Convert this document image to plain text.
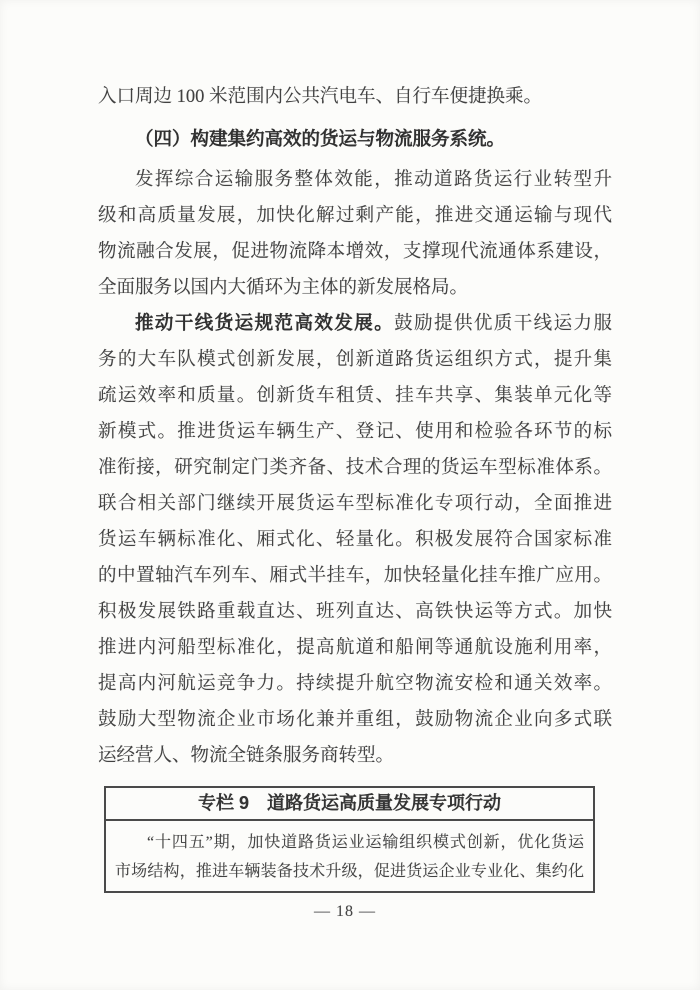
入口周边 100 米范围内公共汽电车、自行车便捷换乘。
（四）构建集约高效的货运与物流服务系统。
发挥综合运输服务整体效能，推动道路货运行业转型升
级和高质量发展，加快化解过剩产能，推进交通运输与现代
物流融合发展，促进物流降本增效，支撑现代流通体系建设，
全面服务以国内大循环为主体的新发展格局。
推动干线货运规范高效发展。鼓励提供优质干线运力服
务的大车队模式创新发展，创新道路货运组织方式，提升集
疏运效率和质量。创新货车租赁、挂车共享、集装单元化等
新模式。推进货运车辆生产、登记、使用和检验各环节的标
准衔接，研究制定门类齐备、技术合理的货运车型标准体系。
联合相关部门继续开展货运车型标准化专项行动，全面推进
货运车辆标准化、厢式化、轻量化。积极发展符合国家标准
的中置轴汽车列车、厢式半挂车，加快轻量化挂车推广应用。
积极发展铁路重载直达、班列直达、高铁快运等方式。加快
推进内河船型标准化，提高航道和船闸等通航设施利用率，
提高内河航运竞争力。持续提升航空物流安检和通关效率。
鼓励大型物流企业市场化兼并重组，鼓励物流企业向多式联
运经营人、物流全链条服务商转型。
专栏 9　道路货运高质量发展专项行动
“十四五”期，加快道路货运业运输组织模式创新，优化货运
市场结构，推进车辆装备技术升级，促进货运企业专业化、集约化
— 18 —
